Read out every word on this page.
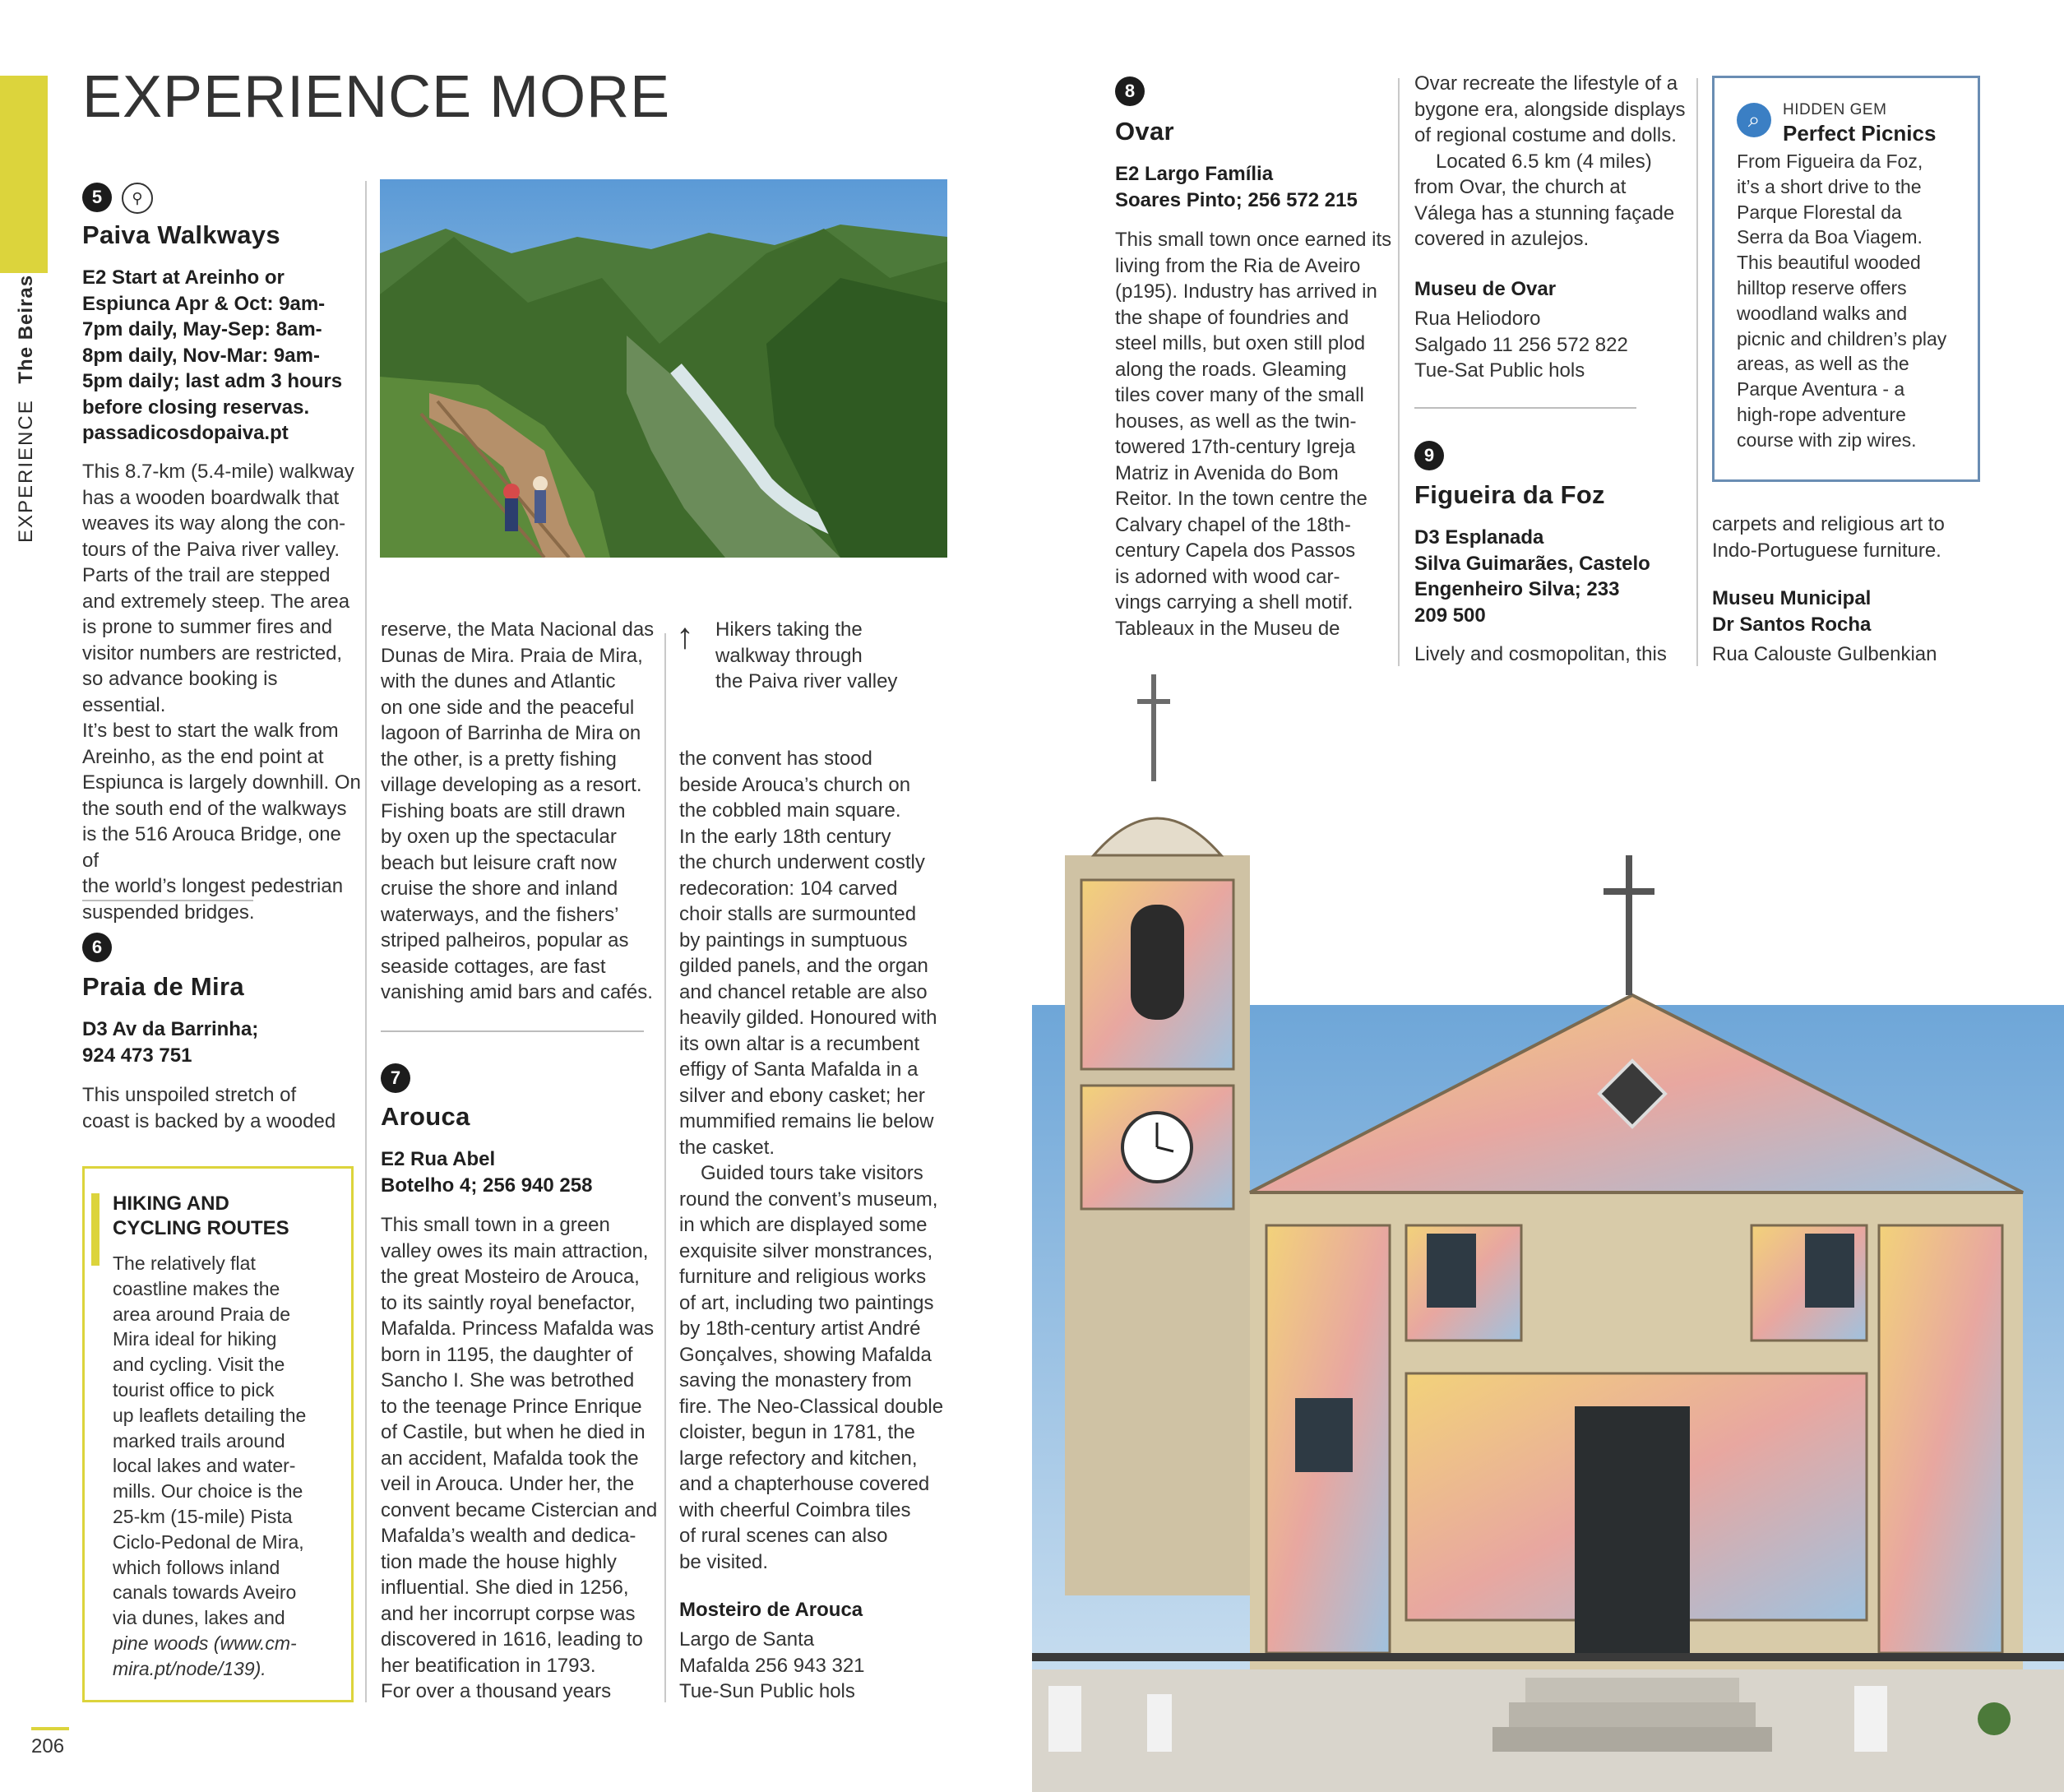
EXPERIENCE The Beiras
EXPERIENCE MORE
5	⚲
Paiva Walkways
E2 Start at Areinho or
Espiunca Apr & Oct: 9am-
7pm daily, May-Sep: 8am-
8pm daily, Nov-Mar: 9am-
5pm daily; last adm 3 hours
before closing reservas.
passadicosdopaiva.pt
This 8.7-km (5.4-mile) walkway
has a wooden boardwalk that
weaves its way along the con-
tours of the Paiva river valley.
Parts of the trail are stepped
and extremely steep. The area
is prone to summer fires and
visitor numbers are restricted,
so advance booking is essential.
It’s best to start the walk from
Areinho, as the end point at
Espiunca is largely downhill. On
the south end of the walkways
is the 516 Arouca Bridge, one of
the world’s longest pedestrian
suspended bridges.
6
Praia de Mira
D3 Av da Barrinha;
924 473 751
This unspoiled stretch of
coast is backed by a wooded
HIKING AND
CYCLING ROUTES
The relatively flat
coastline makes the
area around Praia de
Mira ideal for hiking
and cycling. Visit the
tourist office to pick
up leaflets detailing the
marked trails around
local lakes and water-
mills. Our choice is the
25-km (15-mile) Pista
Ciclo-Pedonal de Mira,
which follows inland
canals towards Aveiro
via dunes, lakes and
pine woods (www.cm-
mira.pt/node/139).
206
↑ Hikers taking the
walkway through
the Paiva river valley
reserve, the Mata Nacional das
Dunas de Mira. Praia de Mira,
with the dunes and Atlantic
on one side and the peaceful
lagoon of Barrinha de Mira on
the other, is a pretty fishing
village developing as a resort.
Fishing boats are still drawn
by oxen up the spectacular
beach but leisure craft now
cruise the shore and inland
waterways, and the fishers’
striped palheiros, popular as
seaside cottages, are fast
vanishing amid bars and cafés.
7
Arouca
E2 Rua Abel
Botelho 4; 256 940 258
This small town in a green
valley owes its main attraction,
the great Mosteiro de Arouca,
to its saintly royal benefactor,
Mafalda. Princess Mafalda was
born in 1195, the daughter of
Sancho I. She was betrothed
to the teenage Prince Enrique
of Castile, but when he died in
an accident, Mafalda took the
veil in Arouca. Under her, the
convent became Cistercian and
Mafalda’s wealth and dedica-
tion made the house highly
influential. She died in 1256,
and her incorrupt corpse was
discovered in 1616, leading to
her beatification in 1793.
For over a thousand years
the convent has stood
beside Arouca’s church on
the cobbled main square.
In the early 18th century
the church underwent costly
redecoration: 104 carved
choir stalls are surmounted
by paintings in sumptuous
gilded panels, and the organ
and chancel retable are also
heavily gilded. Honoured with
its own altar is a recumbent
effigy of Santa Mafalda in a
silver and ebony casket; her
mummified remains lie below
the casket.
Guided tours take visitors
round the convent’s museum,
in which are displayed some
exquisite silver monstrances,
furniture and religious works
of art, including two paintings
by 18th-century artist André
Gonçalves, showing Mafalda
saving the monastery from
fire. The Neo-Classical double
cloister, begun in 1781, the
large refectory and kitchen,
and a chapterhouse covered
with cheerful Coimbra tiles
of rural scenes can also
be visited.
Mosteiro de Arouca
Largo de Santa
Mafalda 256 943 321
Tue-Sun Public hols
8
Ovar
E2 Largo Família
Soares Pinto; 256 572 215
This small town once earned its
living from the Ria de Aveiro
(p195). Industry has arrived in
the shape of foundries and
steel mills, but oxen still plod
along the roads. Gleaming
tiles cover many of the small
houses, as well as the twin-
towered 17th-century Igreja
Matriz in Avenida do Bom
Reitor. In the town centre the
Calvary chapel of the 18th-
century Capela dos Passos
is adorned with wood car-
vings carrying a shell motif.
Tableaux in the Museu de
Ovar recreate the lifestyle of a
bygone era, alongside displays
of regional costume and dolls.
Located 6.5 km (4 miles)
from Ovar, the church at
Válega has a stunning façade
covered in azulejos.
Museu de Ovar
Rua Heliodoro
Salgado 11 256 572 822
Tue-Sat Public hols
9
Figueira da Foz
D3 Esplanada
Silva Guimarães, Castelo
Engenheiro Silva; 233
209 500
Lively and cosmopolitan, this
⌕	HIDDEN GEM
Perfect Picnics
From Figueira da Foz,
it’s a short drive to the
Parque Florestal da
Serra da Boa Viagem.
This beautiful wooded
hilltop reserve offers
woodland walks and
picnic and children’s play
areas, as well as the
Parque Aventura - a
high-rope adventure
course with zip wires.
carpets and religious art to
Indo-Portuguese furniture.
Museu Municipal
Dr Santos Rocha
Rua Calouste Gulbenkian
